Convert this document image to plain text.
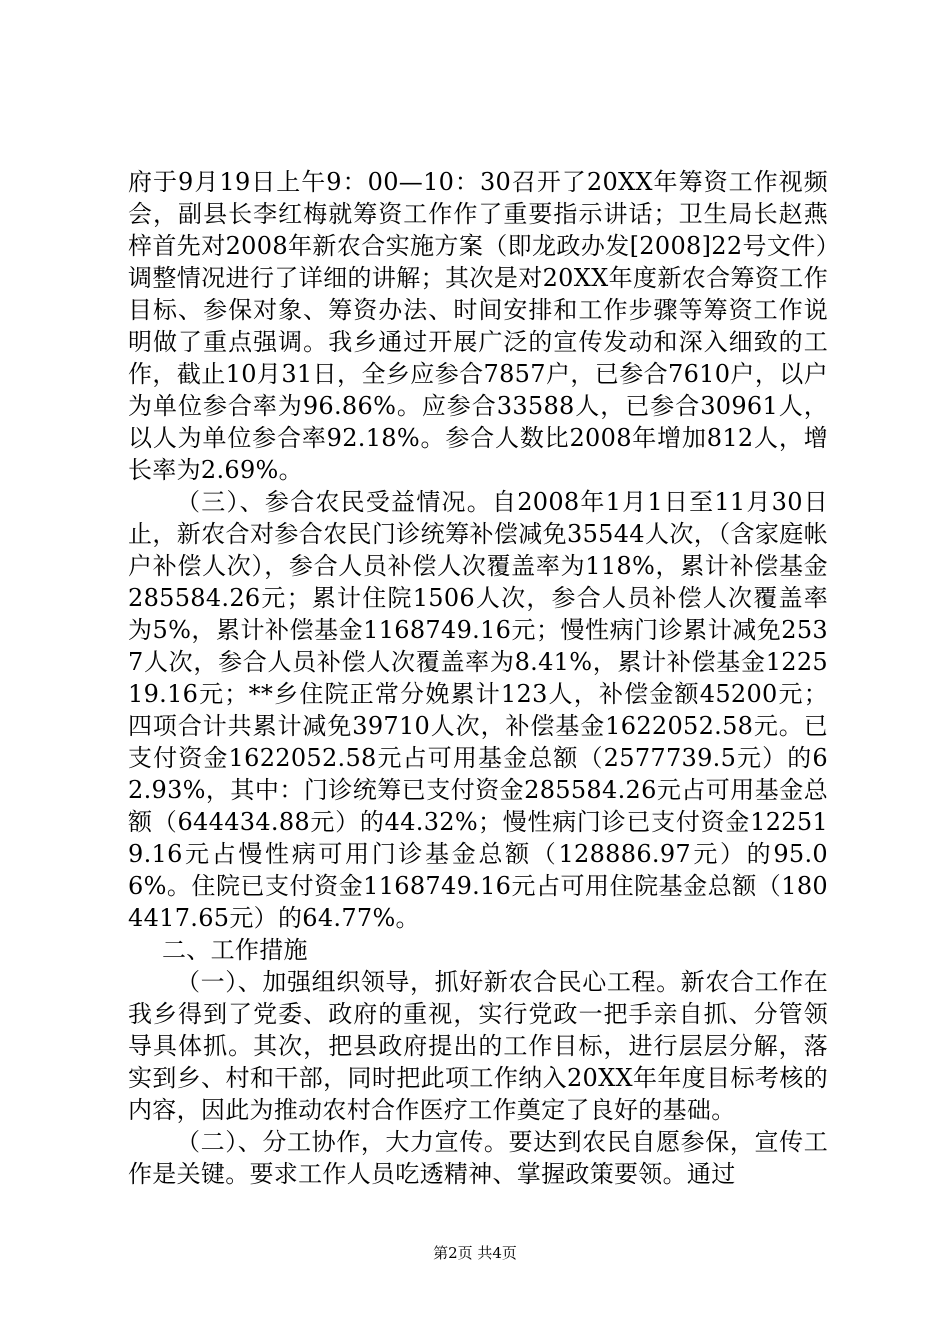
府于9月19日上午9：00—10：30召开了20XX年筹资工作视频会，副县长李红梅就筹资工作作了重要指示讲话；卫生局长赵燕梓首先对2008年新农合实施方案（即龙政办发[2008]22号文件）调整情况进行了详细的讲解；其次是对20XX年度新农合筹资工作目标、参保对象、筹资办法、时间安排和工作步骤等筹资工作说明做了重点强调。我乡通过开展广泛的宣传发动和深入细致的工作，截止10月31日，全乡应参合7857户，已参合7610户，以户为单位参合率为96.86%。应参合33588人，已参合30961人，以人为单位参合率92.18%。参合人数比2008年增加812人，增长率为2.69%。

（三）、参合农民受益情况。自2008年1月1日至11月30日止，新农合对参合农民门诊统筹补偿减免35544人次，（含家庭帐户补偿人次），参合人员补偿人次覆盖率为118%，累计补偿基金285584.26元；累计住院1506人次，参合人员补偿人次覆盖率为5%，累计补偿基金1168749.16元；慢性病门诊累计减免2537人次，参合人员补偿人次覆盖率为8.41%，累计补偿基金122519.16元；**乡住院正常分娩累计123人，补偿金额45200元；四项合计共累计减免39710人次，补偿基金1622052.58元。已支付资金1622052.58元占可用基金总额（2577739.5元）的62.93%，其中：门诊统筹已支付资金285584.26元占可用基金总额（644434.88元）的44.32%；慢性病门诊已支付资金122519.16元占慢性病可用门诊基金总额（128886.97元）的95.06%。住院已支付资金1168749.16元占可用住院基金总额（1804417.65元）的64.77%。

二、工作措施

（一）、加强组织领导，抓好新农合民心工程。新农合工作在我乡得到了党委、政府的重视，实行党政一把手亲自抓、分管领导具体抓。其次，把县政府提出的工作目标，进行层层分解，落实到乡、村和干部，同时把此项工作纳入20XX年年度目标考核的内容，因此为推动农村合作医疗工作奠定了良好的基础。

（二）、分工协作，大力宣传。要达到农民自愿参保，宣传工作是关键。要求工作人员吃透精神、掌握政策要领。通过

第2页 共4页
